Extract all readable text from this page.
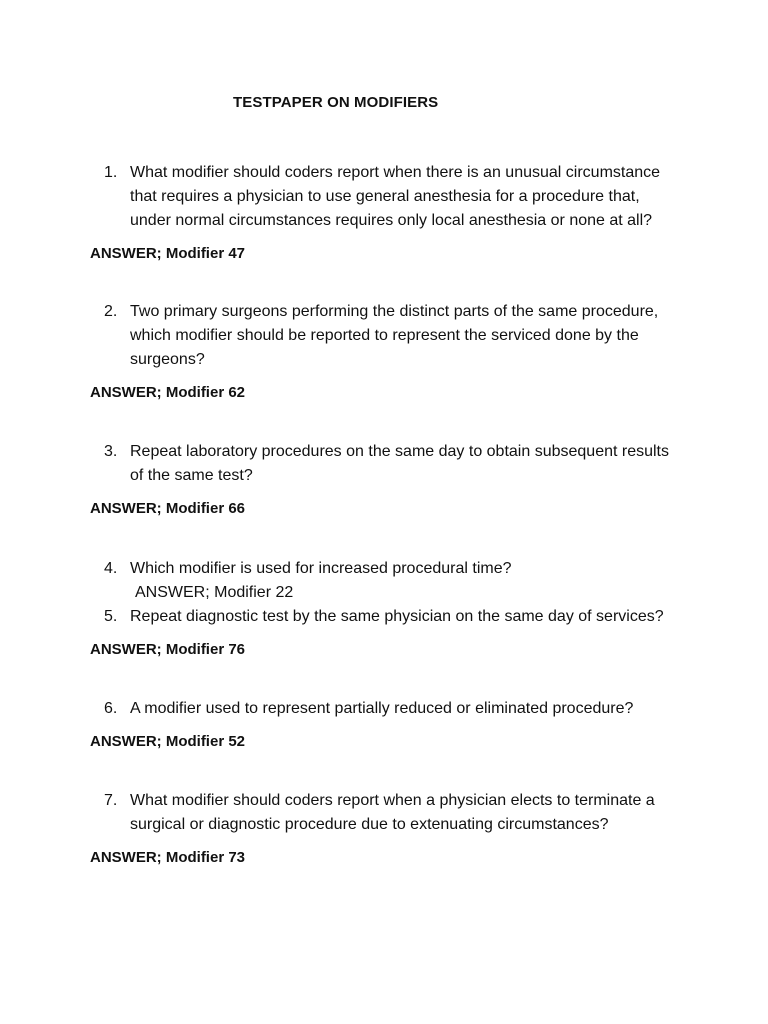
TESTPAPER ON MODIFIERS
1. What modifier should coders report when there is an unusual circumstance
that requires a physician to use general anesthesia for a procedure that,
under normal circumstances requires only local anesthesia or none at all?
ANSWER; Modifier 47
2. Two primary surgeons performing the distinct parts of the same procedure,
which modifier should be reported to represent the serviced done by the
surgeons?
ANSWER; Modifier 62
3. Repeat laboratory procedures on the same day to obtain subsequent results
of the same test?
ANSWER; Modifier 66
4. Which modifier is used for increased procedural time?
ANSWER; Modifier 22
5. Repeat diagnostic test by the same physician on the same day of services?
ANSWER; Modifier 76
6. A modifier used to represent partially reduced or eliminated procedure?
ANSWER; Modifier 52
7. What modifier should coders report when a physician elects to terminate a
surgical or diagnostic procedure due to extenuating circumstances?
ANSWER; Modifier 73
